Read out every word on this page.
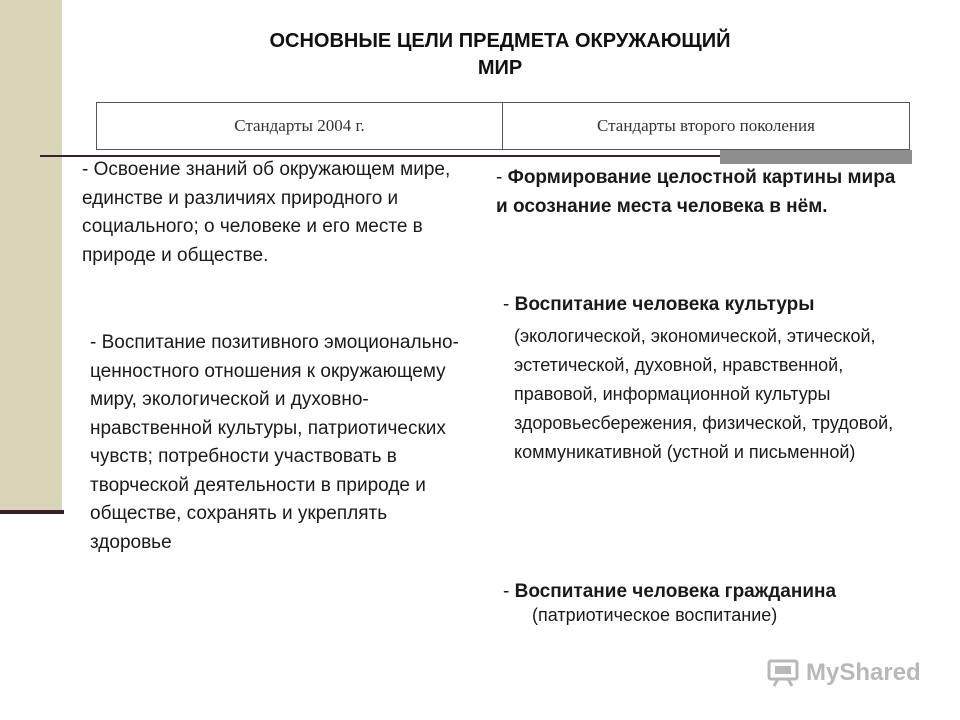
ОСНОВНЫЕ ЦЕЛИ ПРЕДМЕТА ОКРУЖАЮЩИЙ
МИР
Стандарты 2004 г.	Стандарты второго поколения
- Освоение знаний об окружающем мире, единстве и различиях природного и социального; о человеке и его месте в природе и обществе.
- Воспитание позитивного эмоционально-ценностного отношения к окружающему миру, экологической и духовно-нравственной культуры, патриотических чувств; потребности участвовать в творческой деятельности в природе и обществе, сохранять и укреплять здоровье
- Формирование целостной картины мира и осознание места человека в нём.
- Воспитание человека культуры
(экологической, экономической, этической, эстетической, духовной, нравственной, правовой, информационной культуры здоровьесбережения, физической, трудовой, коммуникативной (устной и письменной)
- Воспитание человека гражданина
(патриотическое воспитание)
MyShared
